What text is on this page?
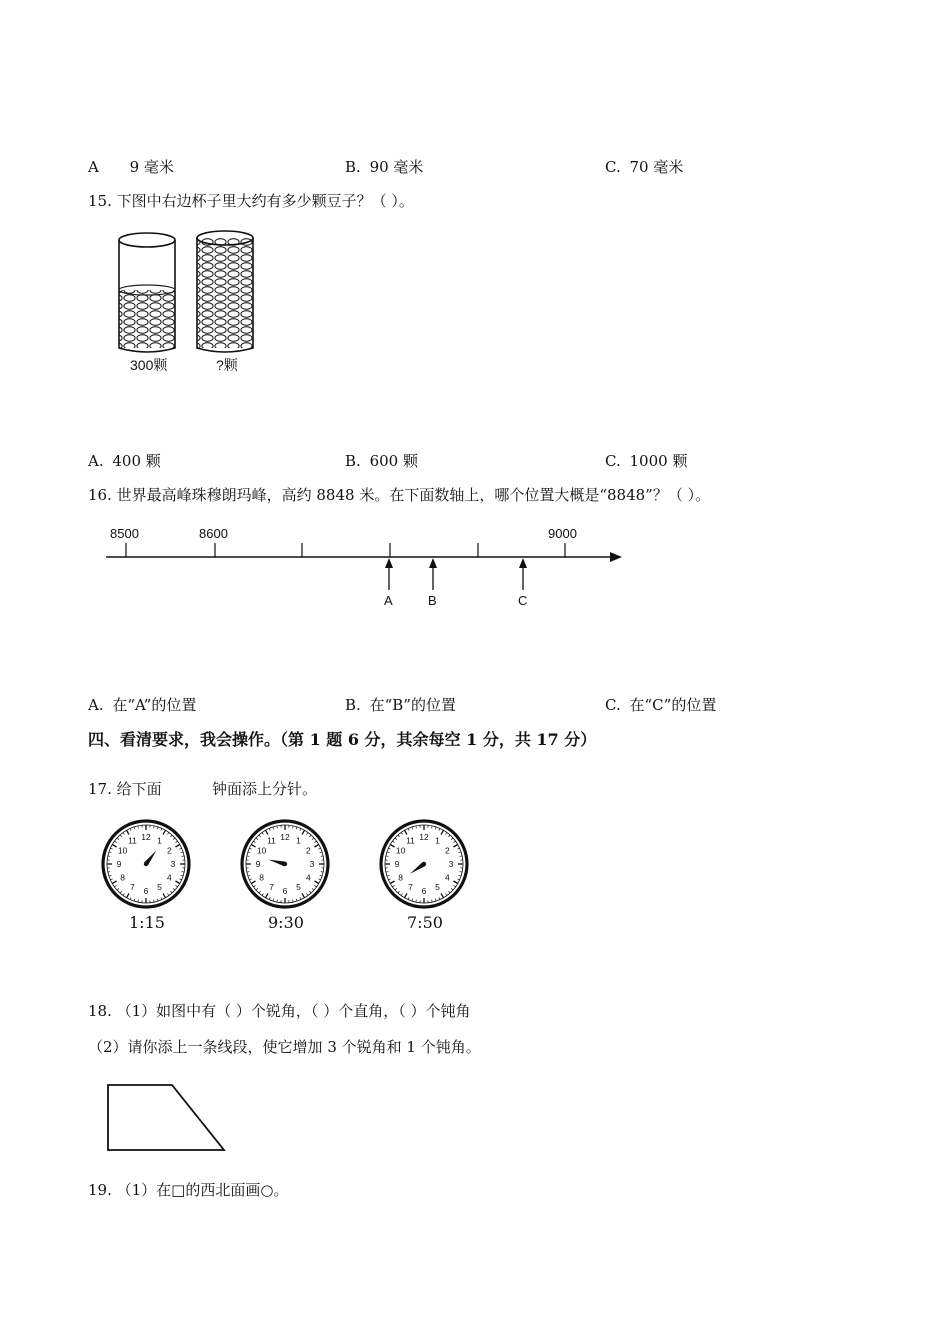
A 9 毫米	B. 90 毫米	C. 70 毫米
15. 下图中右边杯子里大约有多少颗豆子？（ ）。
300颗	?颗
A. 400 颗	B. 600 颗	C. 1000 颗
16. 世界最高峰珠穆朗玛峰，高约 8848 米。在下面数轴上，哪个位置大概是“8848”？（ ）。
8500	8600	9000
A	B	C
A. 在“A”的位置	B. 在“B”的位置	C. 在“C”的位置
四、看清要求，我会操作。（第 1 题 6 分，其余每空 1 分，共 17 分）
17. 给下面	钟面添上分针。
12 1
2
3
4
5
6
7
8
9
10
11	12 1
2
3
4
5
6
7
8
9
10
11	12 1
2
3
4
5
6
7
8
9
10
11
1:15	9:30	7:50
18. （1）如图中有（ ）个锐角，（ ）个直角，（ ）个钝角
（2）请你添上一条线段，使它增加 3 个锐角和 1 个钝角。
19. （1）在□的西北面画○。
